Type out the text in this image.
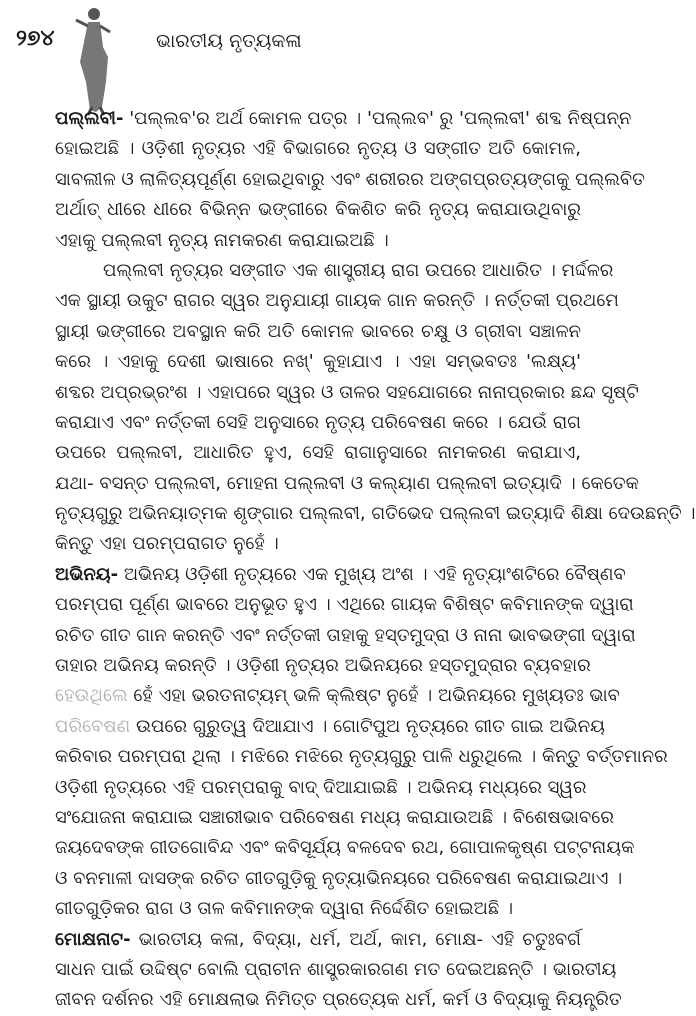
୨୭୪	ଭାରତୀୟ ନୃତ୍ୟକଳା
ପଲ୍ଲବୀ- 'ପଲ୍ଲବ'ର ଅର୍ଥ କୋମଳ ପତ୍ର । 'ପଲ୍ଲବ' ରୁ 'ପଲ୍ଲବୀ' ଶବ୍ଦ ନିଷ୍ପନ୍ନ
ହୋଇଅଛି । ଓଡ଼ିଶୀ ନୃତ୍ୟର ଏହି ବିଭାଗରେ ନୃତ୍ୟ ଓ ସଙ୍ଗୀତ ଅତି କୋମଳ,
ସାବଲୀଳ ଓ ଲାଳିତ୍ୟପୂର୍ଣ୍ଣ ହୋଇଥିବାରୁ ଏବଂ ଶରୀରର ଅଙ୍ଗପ୍ରତ୍ୟଙ୍ଗକୁ ପଲ୍ଲବିତ
ଅର୍ଥାତ୍ ଧୀରେ ଧୀରେ ବିଭିନ୍ନ ଭଙ୍ଗୀରେ ବିକଶିତ କରି ନୃତ୍ୟ କରାଯାଉଥିବାରୁ
ଏହାକୁ ପଲ୍ଲବୀ ନୃତ୍ୟ ନାମକରଣ କରାଯାଇଅଛି ।
ପଲ୍ଲବୀ ନୃତ୍ୟର ସଙ୍ଗୀତ ଏକ ଶାସ୍ତ୍ରୀୟ ରାଗ ଉପରେ ଆଧାରିତ । ମର୍ଦ୍ଦଳର
ଏକ ସ୍ଥାୟୀ ଉକୁଟ ରାଗର ସ୍ୱର ଅନୁଯାୟୀ ଗାୟକ ଗାନ କରନ୍ତି । ନର୍ତ୍ତକୀ ପ୍ରଥମେ
ସ୍ଥାୟୀ ଭଙ୍ଗୀରେ ଅବସ୍ଥାନ କରି ଅତି କୋମଳ ଭାବରେ ଚକ୍ଷୁ ଓ ଗ୍ରୀବା ସଞ୍ଚାଳନ
କରେ । ଏହାକୁ ଦେଶୀ ଭାଷାରେ ନଖ୍' କୁହାଯାଏ । ଏହା ସମ୍ଭବତଃ 'ଲକ୍ଷ୍ୟ'
ଶବ୍ଦର ଅପ୍ରଭ୍ରଂଶ । ଏହାପରେ ସ୍ୱର ଓ ତାଳର ସହଯୋଗରେ ନାନାପ୍ରକାର ଛନ୍ଦ ସୃଷ୍ଟି
କରାଯାଏ ଏବଂ ନର୍ତ୍ତକୀ ସେହି ଅନୁସାରେ ନୃତ୍ୟ ପରିବେଷଣ କରେ । ଯେଉଁ ରାଗ
ଉପରେ ପଲ୍ଲବୀ, ଆଧାରିତ ହୁଏ, ସେହି ରାଗାନୁସାରେ ନାମକରଣ କରାଯାଏ,
ଯଥା- ବସନ୍ତ ପଲ୍ଲବୀ, ମୋହନା ପଲ୍ଲବୀ ଓ କଲ୍ୟାଣ ପଲ୍ଲବୀ ଇତ୍ୟାଦି । କେତେକ
ନୃତ୍ୟଗୁରୁ ଅଭିନୟାତ୍ମକ ଶୃଙ୍ଗାର ପଲ୍ଲବୀ, ଗତିଭେଦ ପଲ୍ଲବୀ ଇତ୍ୟାଦି ଶିକ୍ଷା ଦେଉଛନ୍ତି ।
କିନ୍ତୁ ଏହା ପରମ୍ପରାଗତ ନୁହେଁ ।
ଅଭିନୟ- ଅଭିନୟ ଓଡ଼ିଶୀ ନୃତ୍ୟରେ ଏକ ମୁଖ୍ୟ ଅଂଶ । ଏହି ନୃତ୍ୟାଂଶଟିରେ ବୈଷ୍ଣବ
ପରମ୍ପରା ପୂର୍ଣ୍ଣ ଭାବରେ ଅନୁଭୂତ ହୁଏ । ଏଥିରେ ଗାୟକ ବିଶିଷ୍ଟ କବିମାନଙ୍କ ଦ୍ୱାରା
ରଚିତ ଗୀତ ଗାନ କରନ୍ତି ଏବଂ ନର୍ତ୍ତକୀ ତାହାକୁ ହସ୍ତମୁଦ୍ରା ଓ ନାନା ଭାବଭଙ୍ଗୀ ଦ୍ୱାରା
ତାହାର ଅଭିନୟ କରନ୍ତି । ଓଡ଼ିଶୀ ନୃତ୍ୟର ଅଭିନୟରେ ହସ୍ତମୁଦ୍ରାର ବ୍ୟବହାର
ହେଉଥିଲେ ହେଁ ଏହା ଭରତନାଟ୍ୟମ୍ ଭଳି କ୍ଲିଷ୍ଟ ନୁହେଁ । ଅଭିନୟରେ ମୁଖ୍ୟତଃ ଭାବ
ପରିବେଷଣ ଉପରେ ଗୁରୁତ୍ୱ ଦିଆଯାଏ । ଗୋଟିପୁଅ ନୃତ୍ୟରେ ଗୀତ ଗାଇ ଅଭିନୟ
କରିବାର ପରମ୍ପରା ଥିଲା । ମଝିରେ ମଝିରେ ନୃତ୍ୟଗୁରୁ ପାଳି ଧରୁଥିଲେ । କିନ୍ତୁ ବର୍ତ୍ତମାନର
ଓଡ଼ିଶୀ ନୃତ୍ୟରେ ଏହି ପରମ୍ପରାକୁ ବାଦ୍ ଦିଆଯାଇଛି । ଅଭିନୟ ମଧ୍ୟରେ ସ୍ୱର
ସଂଯୋଜନା କରାଯାଇ ସଞ୍ଚାରୀଭାବ ପରିବେଷଣ ମଧ୍ୟ କରାଯାଉଅଛି । ବିଶେଷଭାବରେ
ଜୟଦେବଙ୍କ ଗୀତଗୋବିନ୍ଦ ଏବଂ କବିସୂର୍ଯ୍ୟ ବଳଦେବ ରଥ, ଗୋପାଳକୃଷ୍ଣ ପଟ୍ଟନାୟକ
ଓ ବନମାଳୀ ଦାସଙ୍କ ରଚିତ ଗୀତଗୁଡ଼ିକୁ ନୃତ୍ୟାଭିନୟରେ ପରିବେଷଣ କରାଯାଇଥାଏ ।
ଗୀତଗୁଡ଼ିକର ରାଗ ଓ ତାଳ କବିମାନଙ୍କ ଦ୍ୱାରା ନିର୍ଦ୍ଦେଶିତ ହୋଇଅଛି ।
ମୋକ୍ଷନାଟ- ଭାରତୀୟ କଳା, ବିଦ୍ୟା, ଧର୍ମ, ଅର୍ଥ, କାମ, ମୋକ୍ଷ- ଏହି ଚତୁଃବର୍ଗ
ସାଧନ ପାଇଁ ଉଦ୍ଦିଷ୍ଟ ବୋଲି ପ୍ରାଚୀନ ଶାସ୍ତ୍ରକାରଗଣ ମତ ଦେଇଅଛନ୍ତି । ଭାରତୀୟ
ଜୀବନ ଦର୍ଶନର ଏହି ମୋକ୍ଷଲାଭ ନିମିତ୍ତ ପ୍ରତ୍ୟେକ ଧର୍ମ, କର୍ମ ଓ ବିଦ୍ୟାକୁ ନିୟନ୍ତ୍ରିତ
